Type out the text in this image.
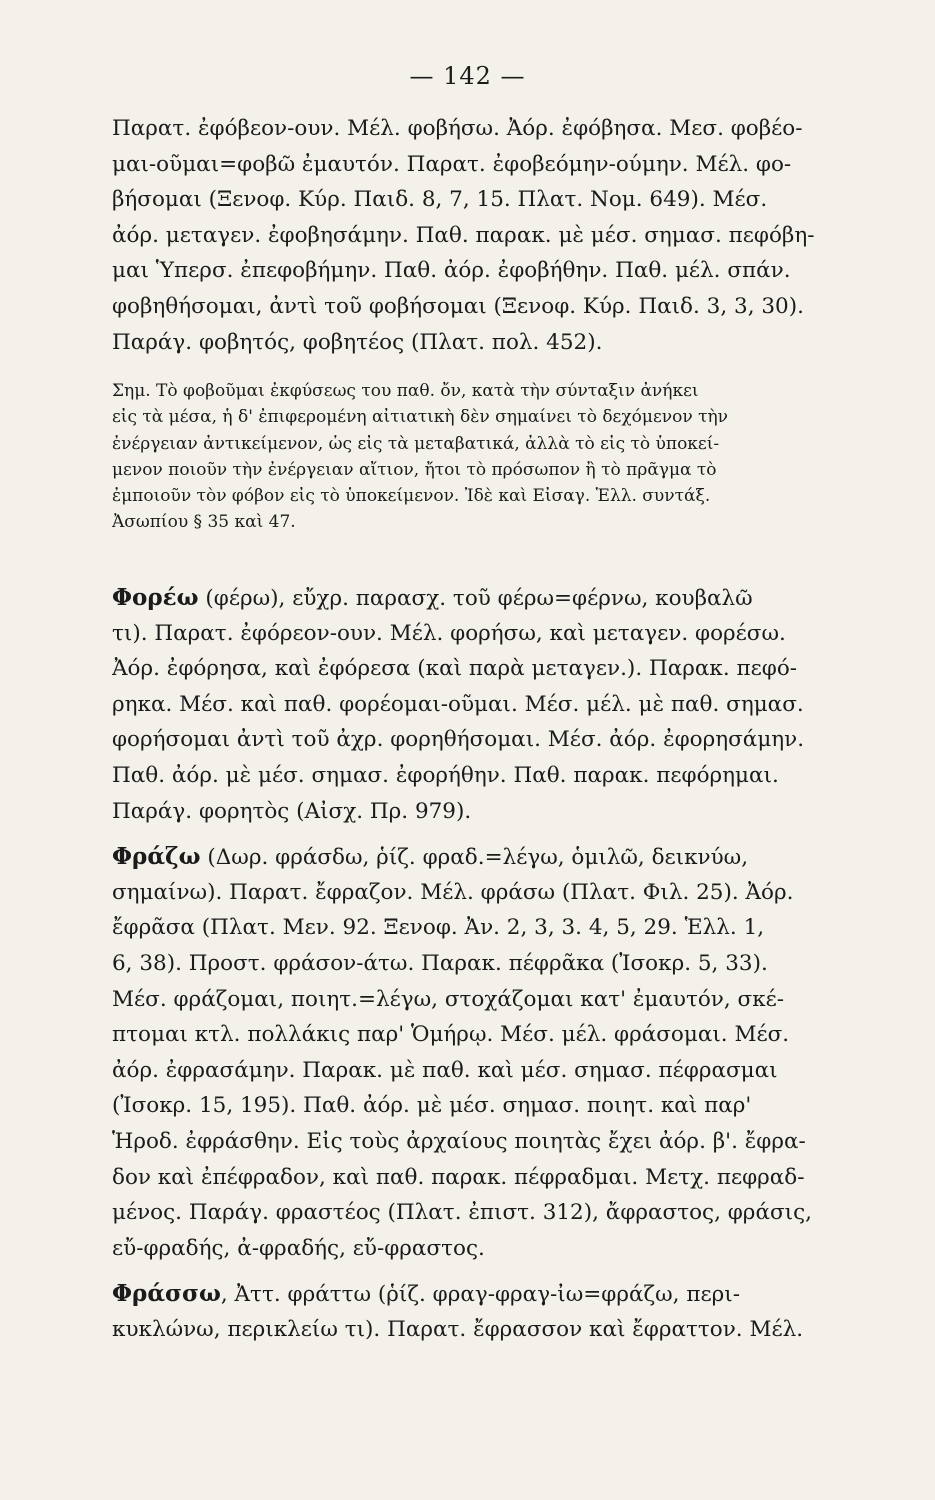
— 142 —
Παρατ. ἐφόβεον-ουν. Μέλ. φοβήσω. Ἀόρ. ἐφόβησα. Μεσ. φοβέο-
μαι-οῦμαι=φοβῶ ἐμαυτόν. Παρατ. ἐφοβεόμην-ούμην. Μέλ. φο-
βήσομαι (Ξενοφ. Κύρ. Παιδ. 8, 7, 15. Πλατ. Νομ. 649). Μέσ.
ἀόρ. μεταγεν. ἐφοβησάμην. Παθ. παρακ. μὲ μέσ. σημασ. πεφόβη-
μαι Ὑπερσ. ἐπεφοβήμην. Παθ. ἀόρ. ἐφοβήθην. Παθ. μέλ. σπάν.
φοβηθήσομαι, ἀντὶ τοῦ φοβήσομαι (Ξενοφ. Κύρ. Παιδ. 3, 3, 30).
Παράγ. φοβητός, φοβητέος (Πλατ. πολ. 452).
Σημ. Τὸ φοβοῦμαι ἐκφύσεως του παθ. ὄν, κατὰ τὴν σύνταξιν ἀνήκει
εἰς τὰ μέσα, ἡ δ' ἐπιφερομένη αἰτιατικὴ δὲν σημαίνει τὸ δεχόμενον τὴν
ἐνέργειαν ἀντικείμενον, ὡς εἰς τὰ μεταβατικά, ἀλλὰ τὸ εἰς τὸ ὑποκεί-
μενον ποιοῦν τὴν ἐνέργειαν αἴτιον, ἤτοι τὸ πρόσωπον ἢ τὸ πρᾶγμα τὸ
ἐμποιοῦν τὸν φόβον εἰς τὸ ὑποκείμενον. Ἰδὲ καὶ Εἰσαγ. Ἑλλ. συντάξ.
Ἀσωπίου § 35 καὶ 47.
Φορέω (φέρω), εὔχρ. παρασχ. τοῦ φέρω=φέρνω, κουβαλῶ
τι). Παρατ. ἐφόρεον-ουν. Μέλ. φορήσω, καὶ μεταγεν. φορέσω.
Ἀόρ. ἐφόρησα, καὶ ἐφόρεσα (καὶ παρὰ μεταγεν.). Παρακ. πεφό-
ρηκα. Μέσ. καὶ παθ. φορέομαι-οῦμαι. Μέσ. μέλ. μὲ παθ. σημασ.
φορήσομαι ἀντὶ τοῦ ἀχρ. φορηθήσομαι. Μέσ. ἀόρ. ἐφορησάμην.
Παθ. ἀόρ. μὲ μέσ. σημασ. ἐφορήθην. Παθ. παρακ. πεφόρημαι.
Παράγ. φορητὸς (Αἰσχ. Πρ. 979).
Φράζω (Δωρ. φράσδω, ῥίζ. φραδ.=λέγω, ὁμιλῶ, δεικνύω,
σημαίνω). Παρατ. ἔφραζον. Μέλ. φράσω (Πλατ. Φιλ. 25). Ἀόρ.
ἔφρᾶσα (Πλατ. Μεν. 92. Ξενοφ. Ἀν. 2, 3, 3. 4, 5, 29. Ἑλλ. 1,
6, 38). Προστ. φράσον-άτω. Παρακ. πέφρᾶκα (Ἰσοκρ. 5, 33).
Μέσ. φράζομαι, ποιητ.=λέγω, στοχάζομαι κατ' ἐμαυτόν, σκέ-
πτομαι κτλ. πολλάκις παρ' Ὁμήρῳ. Μέσ. μέλ. φράσομαι. Μέσ.
ἀόρ. ἐφρασάμην. Παρακ. μὲ παθ. καὶ μέσ. σημασ. πέφρασμαι
(Ἰσοκρ. 15, 195). Παθ. ἀόρ. μὲ μέσ. σημασ. ποιητ. καὶ παρ'
Ἡροδ. ἐφράσθην. Εἰς τοὺς ἀρχαίους ποιητὰς ἔχει ἀόρ. β'. ἔφρα-
δον καὶ ἐπέφραδον, καὶ παθ. παρακ. πέφραδμαι. Μετχ. πεφραδ-
μένος. Παράγ. φραστέος (Πλατ. ἐπιστ. 312), ἄφραστος, φράσις,
εὔ-φραδής, ἀ-φραδής, εὔ-φραστος.
Φράσσω, Ἀττ. φράττω (ῥίζ. φραγ-φραγ-ἰω=φράζω, περι-
κυκλώνω, περικλείω τι). Παρατ. ἔφρασσον καὶ ἔφραττον. Μέλ.
